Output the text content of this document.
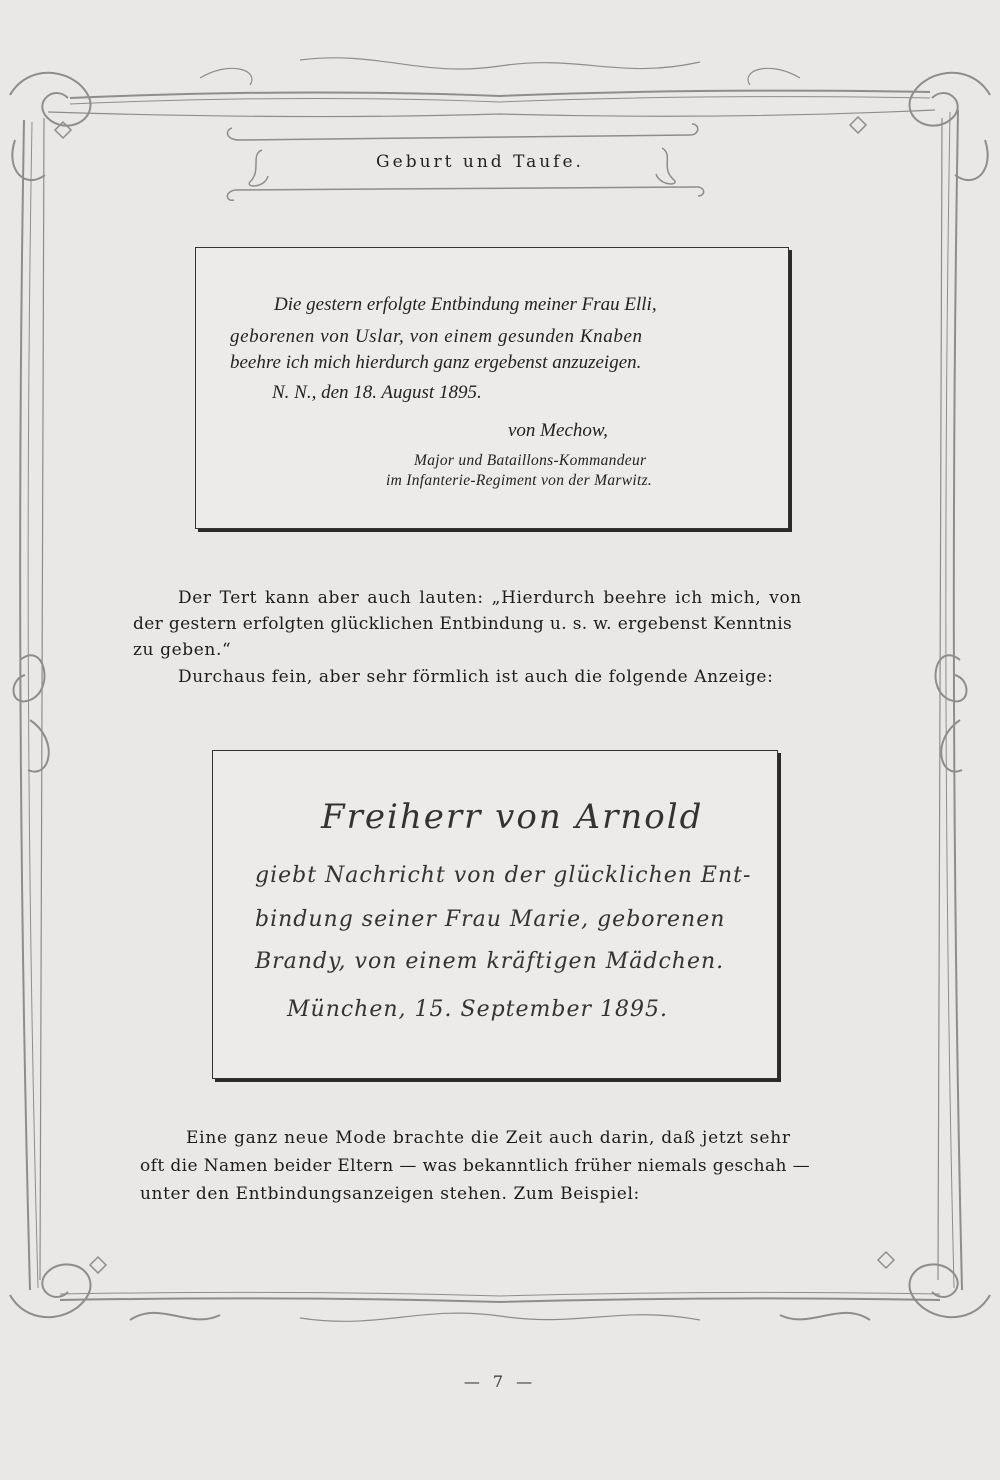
Geburt und Taufe.
Die gestern erfolgte Entbindung meiner Frau Elli,
geborenen von Uslar, von einem gesunden Knaben
beehre ich mich hierdurch ganz ergebenst anzuzeigen.
N. N., den 18. August 1895.
von Mechow,
Major und Bataillons-Kommandeur
im Infanterie-Regiment von der Marwitz.
Der Tert kann aber auch lauten: „Hierdurch beehre ich mich, von
der gestern erfolgten glücklichen Entbindung u. s. w. ergebenst Kenntnis
zu geben.“
Durchaus fein, aber sehr förmlich ist auch die folgende Anzeige:
Freiherr von Arnold
giebt Nachricht von der glücklichen Ent-
bindung seiner Frau Marie, geborenen
Brandy, von einem kräftigen Mädchen.
München, 15. September 1895.
Eine ganz neue Mode brachte die Zeit auch darin, daß jetzt sehr
oft die Namen beider Eltern — was bekanntlich früher niemals geschah —
unter den Entbindungsanzeigen stehen. Zum Beispiel:
— 7 —
